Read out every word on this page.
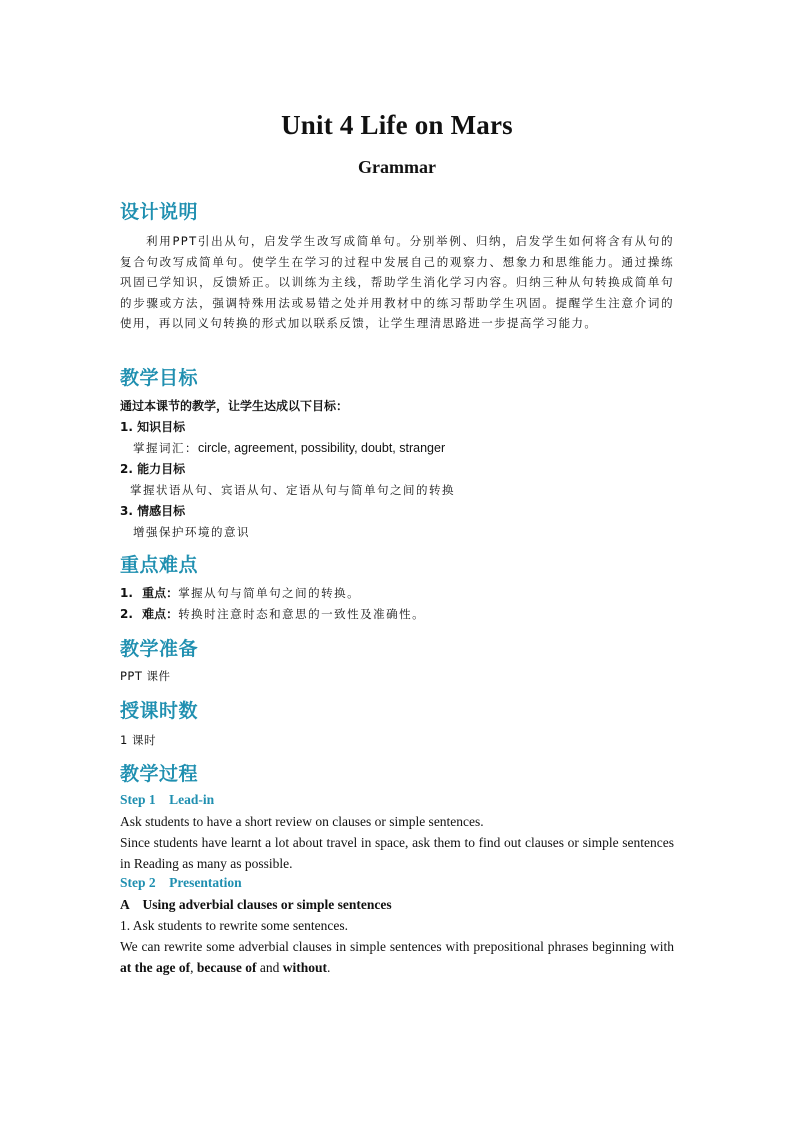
Unit 4 Life on Mars
Grammar
设计说明
利用PPT引出从句，启发学生改写成简单句。分别举例、归纳，启发学生如何将含有从句的复合句改写成简单句。使学生在学习的过程中发展自己的观察力、想象力和思维能力。通过操练巩固已学知识，反馈矫正。以训练为主线，帮助学生消化学习内容。归纳三种从句转换成简单句的步骤或方法，强调特殊用法或易错之处并用教材中的练习帮助学生巩固。提醒学生注意介词的使用，再以同义句转换的形式加以联系反馈，让学生理清思路进一步提高学习能力。
教学目标
通过本课节的教学，让学生达成以下目标：
1. 知识目标
掌握词汇：circle, agreement, possibility, doubt, stranger
2. 能力目标
掌握状语从句、宾语从句、定语从句与简单句之间的转换
3. 情感目标
增强保护环境的意识
重点难点
1. 重点：掌握从句与简单句之间的转换。
2. 难点：转换时注意时态和意思的一致性及准确性。
教学准备
PPT 课件
授课时数
1 课时
教学过程
Step 1    Lead-in
Ask students to have a short review on clauses or simple sentences.
Since students have learnt a lot about travel in space, ask them to find out clauses or simple sentences in Reading as many as possible.
Step 2    Presentation
A    Using adverbial clauses or simple sentences
1. Ask students to rewrite some sentences.
We can rewrite some adverbial clauses in simple sentences with prepositional phrases beginning with at the age of, because of and without.
